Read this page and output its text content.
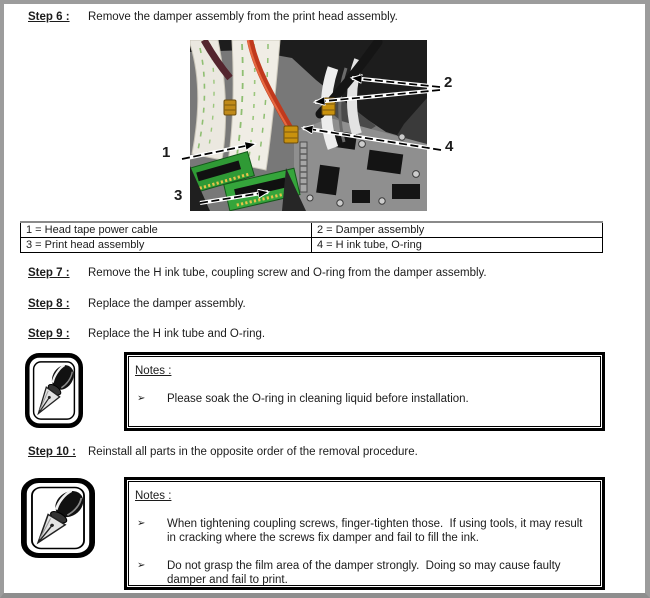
Step 6 :	Remove the damper assembly from the print head assembly.
1
2
3
4
1 = Head tape power cable	2 = Damper assembly
3 = Print head assembly	4 = H ink tube, O-ring
Step 7 :	Remove the H ink tube, coupling screw and O-ring from the damper assembly.
Step 8 :	Replace the damper assembly.
Step 9 :	Replace the H ink tube and O-ring.
Notes :
➢	Please soak the O-ring in cleaning liquid before installation.
Step 10 : Reinstall all parts in the opposite order of the removal procedure.
Notes :
➢	When tightening coupling screws, finger-tighten those.  If using tools, it may result in cracking where the screws fix damper and fail to fill the ink.
➢	Do not grasp the film area of the damper strongly.  Doing so may cause faulty damper and fail to print.
